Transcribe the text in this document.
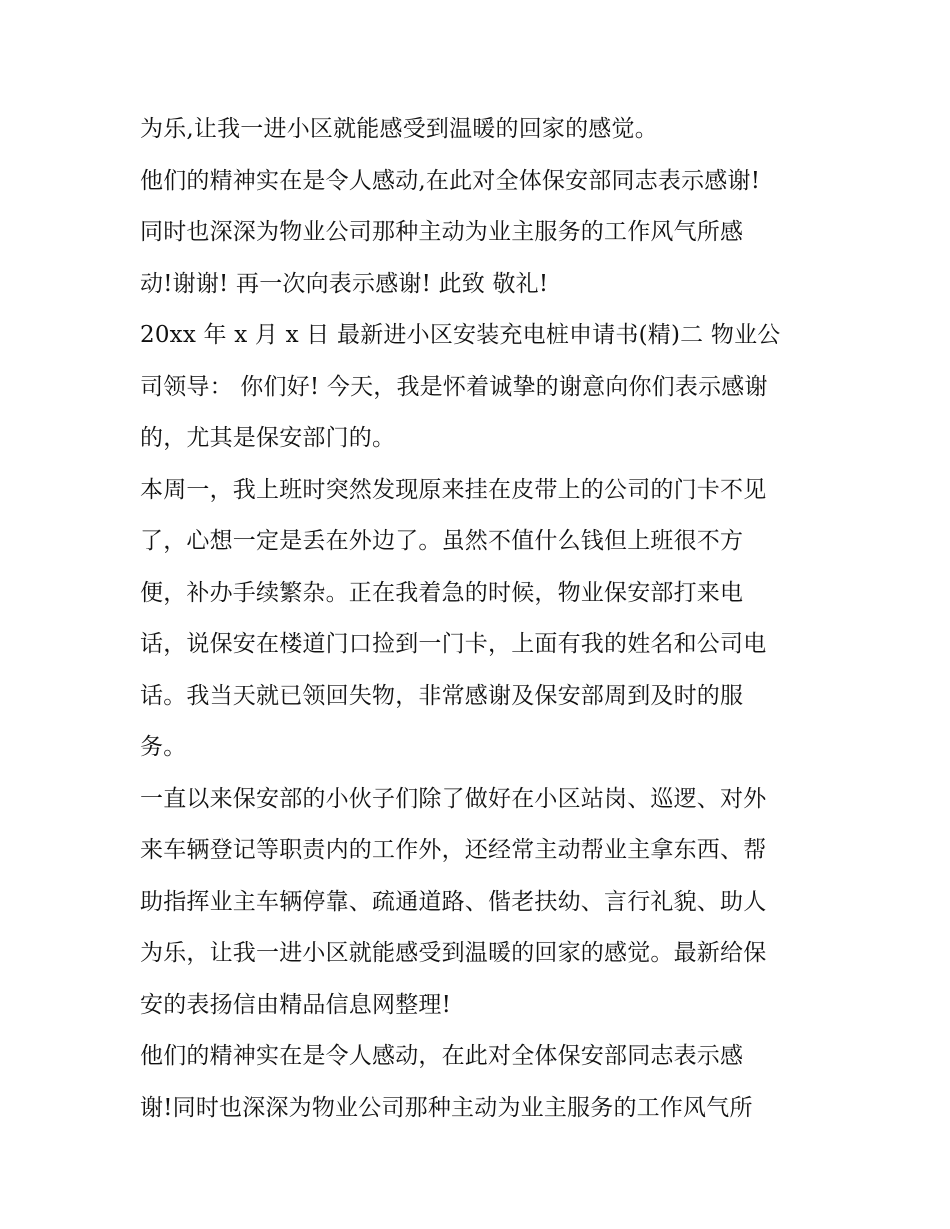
为乐,让我一进小区就能感受到温暖的回家的感觉。
他们的精神实在是令人感动,在此对全体保安部同志表示感谢!
同时也深深为物业公司那种主动为业主服务的工作风气所感
动!谢谢! 再一次向表示感谢! 此致 敬礼!
20xx 年 x 月 x 日 最新进小区安装充电桩申请书(精)二 物业公
司领导： 你们好! 今天，我是怀着诚挚的谢意向你们表示感谢
的，尤其是保安部门的。
本周一，我上班时突然发现原来挂在皮带上的公司的门卡不见
了，心想一定是丢在外边了。虽然不值什么钱但上班很不方
便，补办手续繁杂。正在我着急的时候，物业保安部打来电
话，说保安在楼道门口捡到一门卡，上面有我的姓名和公司电
话。我当天就已领回失物，非常感谢及保安部周到及时的服
务。
一直以来保安部的小伙子们除了做好在小区站岗、巡逻、对外
来车辆登记等职责内的工作外，还经常主动帮业主拿东西、帮
助指挥业主车辆停靠、疏通道路、偕老扶幼、言行礼貌、助人
为乐，让我一进小区就能感受到温暖的回家的感觉。最新给保
安的表扬信由精品信息网整理!
他们的精神实在是令人感动，在此对全体保安部同志表示感
谢!同时也深深为物业公司那种主动为业主服务的工作风气所
